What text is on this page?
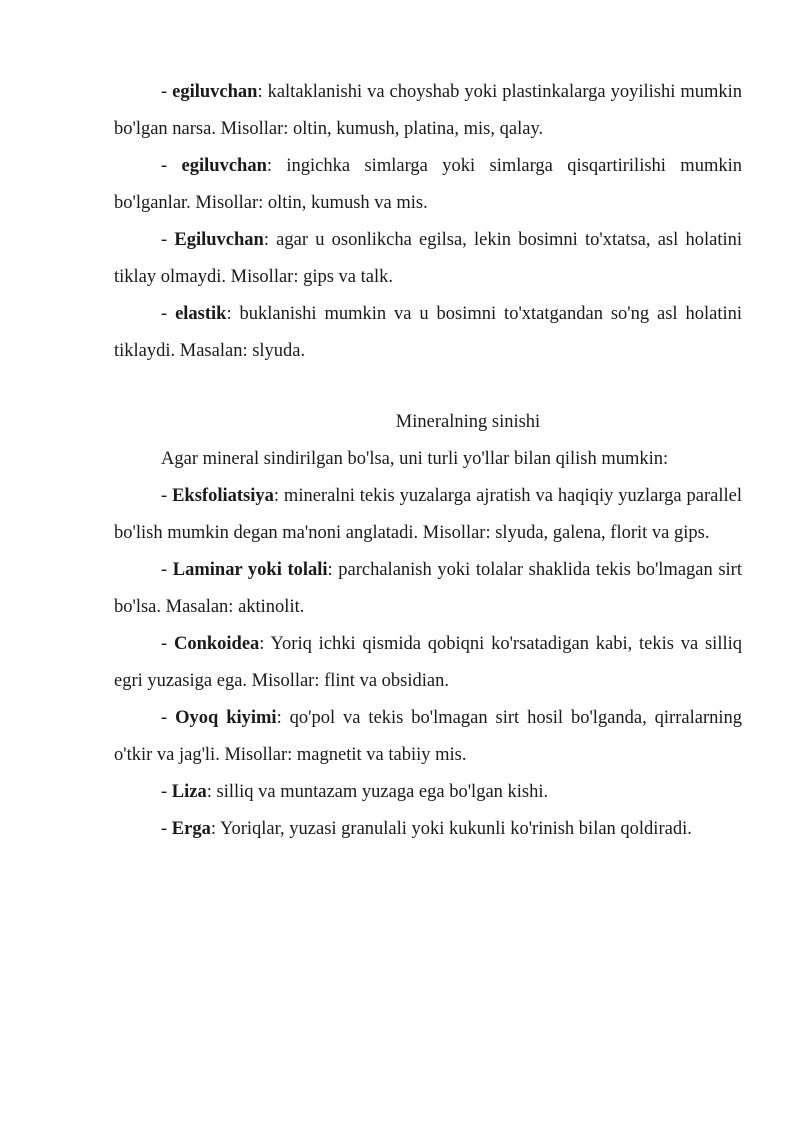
- egiluvchan: kaltaklanishi va choyshab yoki plastinkalarga yoyilishi mumkin bo'lgan narsa. Misollar: oltin, kumush, platina, mis, qalay.

- egiluvchan: ingichka simlarga yoki simlarga qisqartirilishi mumkin bo'lganlar. Misollar: oltin, kumush va mis.

- Egiluvchan: agar u osonlikcha egilsa, lekin bosimni to'xtatsa, asl holatini tiklay olmaydi. Misollar: gips va talk.

- elastik: buklanishi mumkin va u bosimni to'xtatgandan so'ng asl holatini tiklaydi. Masalan: slyuda.

Mineralning sinishi

Agar mineral sindirilgan bo'lsa, uni turli yo'llar bilan qilish mumkin:

- Eksfoliatsiya: mineralni tekis yuzalarga ajratish va haqiqiy yuzlarga parallel bo'lish mumkin degan ma'noni anglatadi. Misollar: slyuda, galena, florit va gips.

- Laminar yoki tolali: parchalanish yoki tolalar shaklida tekis bo'lmagan sirt bo'lsa. Masalan: aktinolit.

- Conkoidea: Yoriq ichki qismida qobiqni ko'rsatadigan kabi, tekis va silliq egri yuzasiga ega. Misollar: flint va obsidian.

- Oyoq kiyimi: qo'pol va tekis bo'lmagan sirt hosil bo'lganda, qirralarning o'tkir va jag'li. Misollar: magnetit va tabiiy mis.

- Liza: silliq va muntazam yuzaga ega bo'lgan kishi.

- Erga: Yoriqlar, yuzasi granulali yoki kukunli ko'rinish bilan qoldiradi.
